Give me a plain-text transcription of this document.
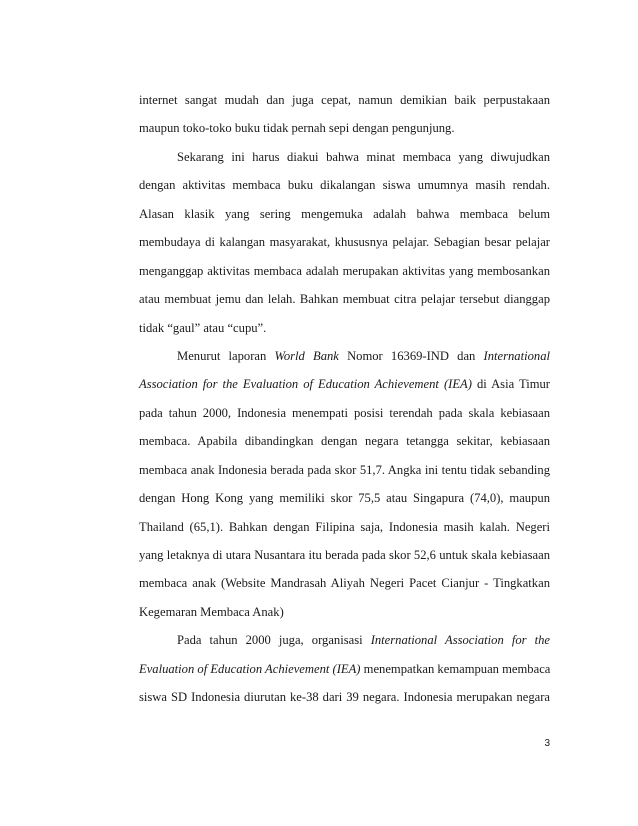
internet sangat mudah dan juga cepat, namun demikian baik perpustakaan
maupun toko-toko buku tidak pernah sepi dengan pengunjung.
Sekarang ini harus diakui bahwa minat membaca yang diwujudkan
dengan aktivitas membaca buku dikalangan siswa umumnya masih rendah.
Alasan klasik yang sering mengemuka adalah bahwa membaca belum
membudaya di kalangan masyarakat, khususnya pelajar. Sebagian besar pelajar
menganggap aktivitas membaca adalah merupakan aktivitas yang membosankan
atau membuat jemu dan lelah. Bahkan membuat citra pelajar tersebut dianggap
tidak “gaul” atau “cupu”.
Menurut laporan World Bank Nomor 16369-IND dan International
Association for the Evaluation of Education Achievement (IEA) di Asia Timur
pada tahun 2000, Indonesia menempati posisi terendah pada skala kebiasaan
membaca. Apabila dibandingkan dengan negara tetangga sekitar, kebiasaan
membaca anak Indonesia berada pada skor 51,7. Angka ini tentu tidak sebanding
dengan Hong Kong yang memiliki skor 75,5 atau Singapura (74,0), maupun
Thailand (65,1). Bahkan dengan Filipina saja, Indonesia masih kalah. Negeri
yang letaknya di utara Nusantara itu berada pada skor 52,6 untuk skala kebiasaan
membaca anak (Website Mandrasah Aliyah Negeri Pacet Cianjur - Tingkatkan
Kegemaran Membaca Anak)
Pada tahun 2000 juga, organisasi International Association for the
Evaluation of Education Achievement (IEA) menempatkan kemampuan membaca
siswa SD Indonesia diurutan ke-38 dari 39 negara. Indonesia merupakan negara
3
